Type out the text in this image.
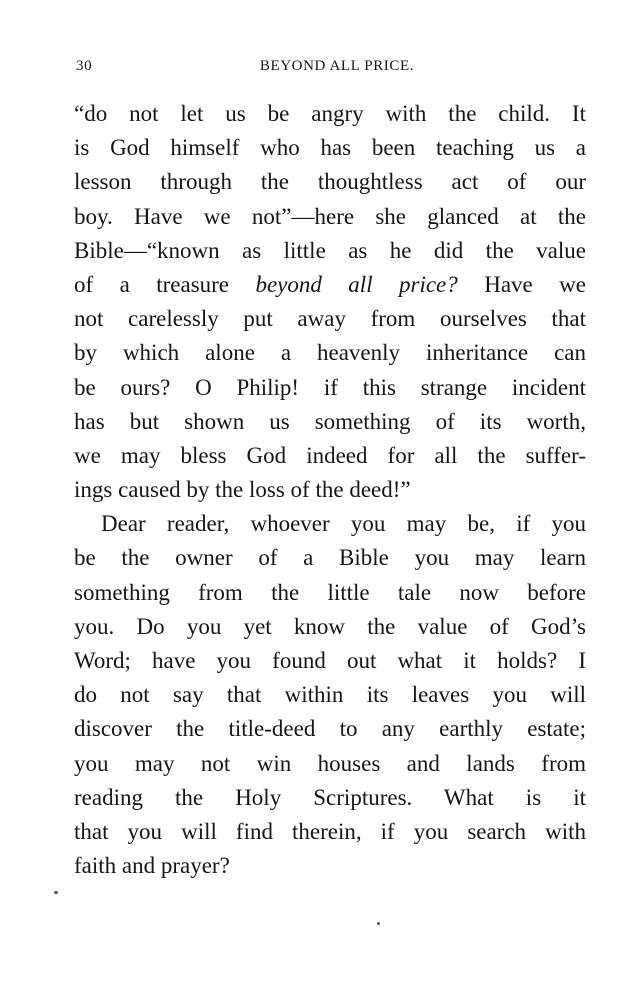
30	BEYOND ALL PRICE.
“do not let us be angry with the child. It
is God himself who has been teaching us a
lesson through the thoughtless act of our
boy. Have we not”—here she glanced at the
Bible—“known as little as he did the value
of a treasure beyond all price? Have we
not carelessly put away from ourselves that
by which alone a heavenly inheritance can
be ours? O Philip! if this strange incident
has but shown us something of its worth,
we may bless God indeed for all the suffer-
ings caused by the loss of the deed!”
Dear reader, whoever you may be, if you
be the owner of a Bible you may learn
something from the little tale now before
you. Do you yet know the value of God’s
Word; have you found out what it holds? I
do not say that within its leaves you will
discover the title-deed to any earthly estate;
you may not win houses and lands from
reading the Holy Scriptures. What is it
that you will find therein, if you search with
faith and prayer?
